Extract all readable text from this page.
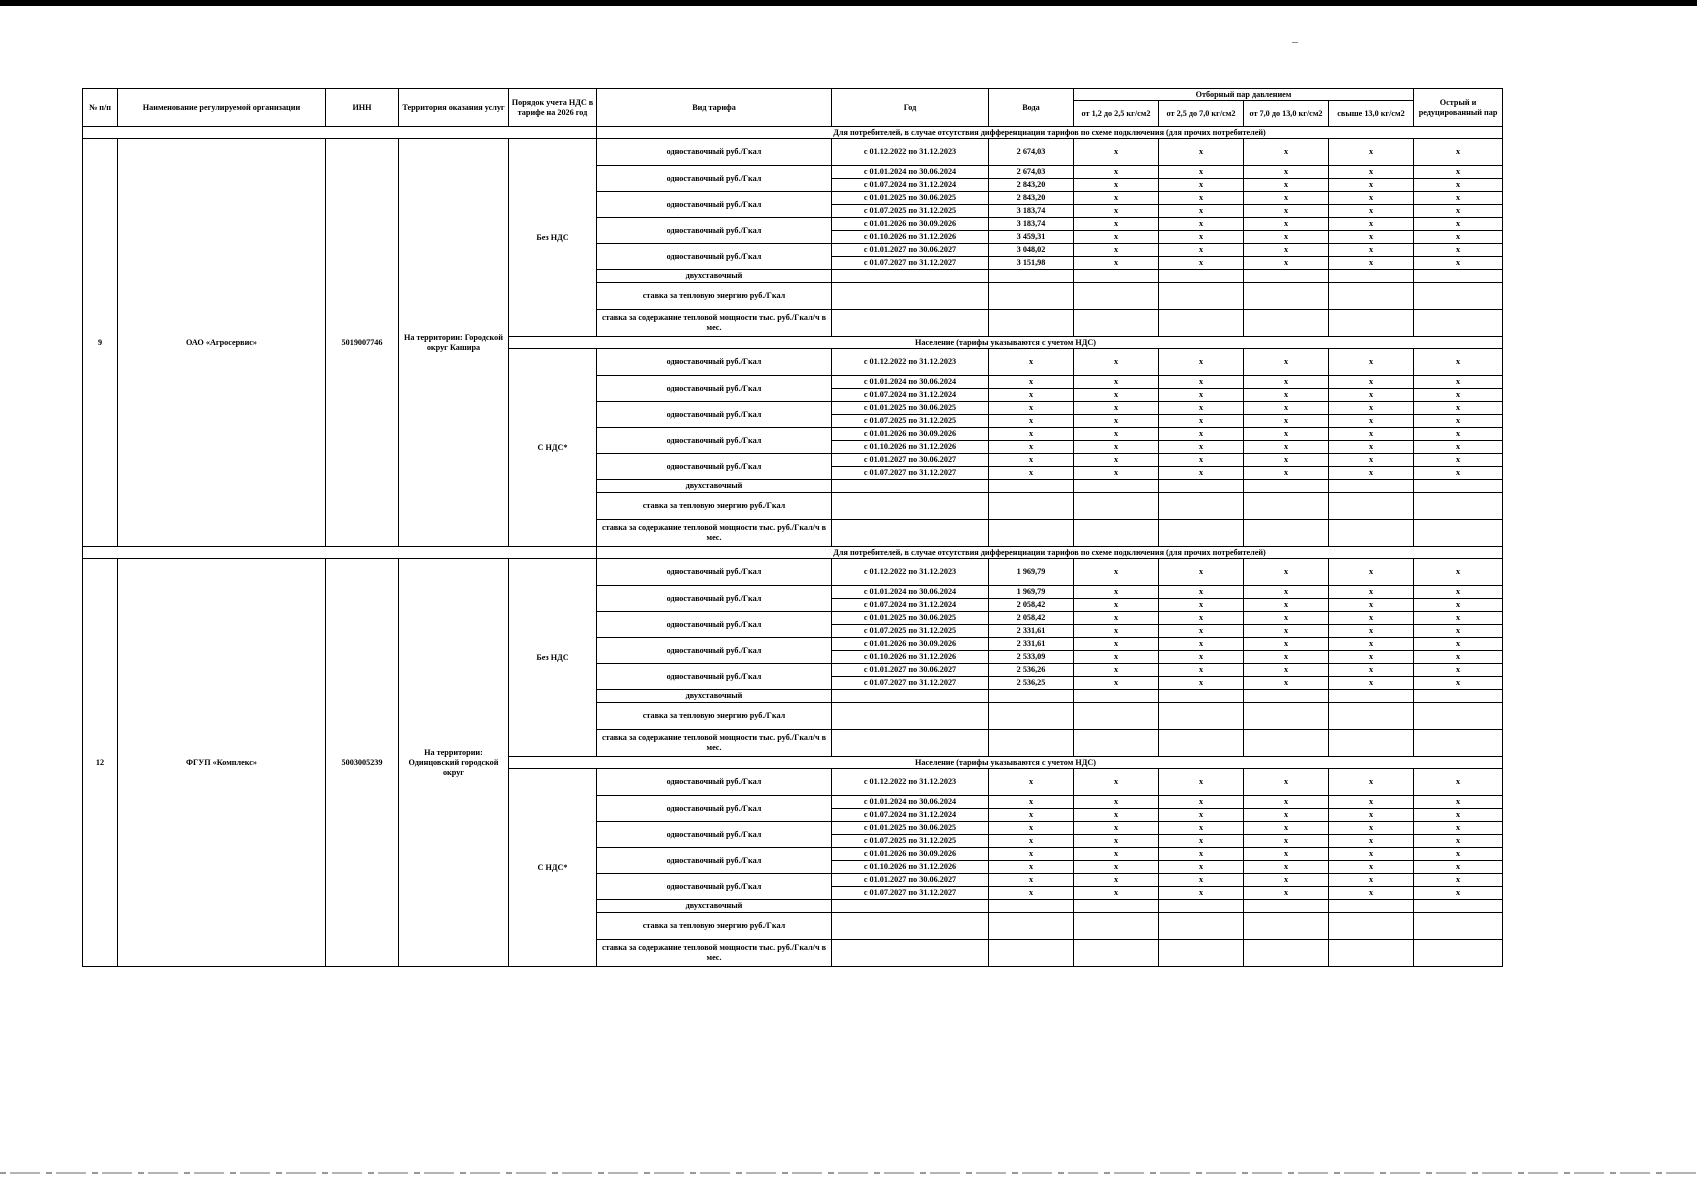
№ п/п	Наименование регулируемой организации	ИНН	Территория оказания услуг	Порядок учета НДС в тарифе на 2026 год	Вид тарифа	Год	Вода	Отборный пар давлением				Острый и редуцированный пар
								от 1,2 до 2,5 кг/см2	от 2,5 до 7,0 кг/см2	от 7,0 до 13,0 кг/см2	свыше 13,0 кг/см2	
					Для потребителей, в случае отсутствия дифференциации тарифов по схеме подключения (для прочих потребителей)							
9	ОАО «Агросервис»	5019007746	На территории: Городской округ Кашира	Без НДС	одноставочный руб./Гкал	с 01.12.2022 по 31.12.2023	2 674,03	x	x	x	x	x
					одноставочный руб./Гкал	с 01.01.2024 по 30.06.2024	2 674,03	x	x	x	x	x
						с 01.07.2024 по 31.12.2024	2 843,20	x	x	x	x	x
					одноставочный руб./Гкал	с 01.01.2025 по 30.06.2025	2 843,20	x	x	x	x	x
						с 01.07.2025 по 31.12.2025	3 183,74	x	x	x	x	x
					одноставочный руб./Гкал	с 01.01.2026 по 30.09.2026	3 183,74	x	x	x	x	x
						с 01.10.2026 по 31.12.2026	3 459,31	x	x	x	x	x
					одноставочный руб./Гкал	с 01.01.2027 по 30.06.2027	3 048,02	x	x	x	x	x
						с 01.07.2027 по 31.12.2027	3 151,98	x	x	x	x	x
					двухставочный							
					ставка за тепловую энергию руб./Гкал							
					ставка за содержание тепловой мощности тыс. руб./Гкал/ч в мес.							
				Население (тарифы указываются с учетом НДС)								
				С НДС*	одноставочный руб./Гкал	с 01.12.2022 по 31.12.2023	x	x	x	x	x	x
					одноставочный руб./Гкал	с 01.01.2024 по 30.06.2024	x	x	x	x	x	x
						с 01.07.2024 по 31.12.2024	x	x	x	x	x	x
					одноставочный руб./Гкал	с 01.01.2025 по 30.06.2025	x	x	x	x	x	x
						с 01.07.2025 по 31.12.2025	x	x	x	x	x	x
					одноставочный руб./Гкал	с 01.01.2026 по 30.09.2026	x	x	x	x	x	x
						с 01.10.2026 по 31.12.2026	x	x	x	x	x	x
					одноставочный руб./Гкал	с 01.01.2027 по 30.06.2027	x	x	x	x	x	x
						с 01.07.2027 по 31.12.2027	x	x	x	x	x	x
					двухставочный							
					ставка за тепловую энергию руб./Гкал							
					ставка за содержание тепловой мощности тыс. руб./Гкал/ч в мес.							
					Для потребителей, в случае отсутствия дифференциации тарифов по схеме подключения (для прочих потребителей)							
12	ФГУП «Комплекс»	5003005239	На территории: Одинцовский городской округ	Без НДС	одноставочный руб./Гкал	с 01.12.2022 по 31.12.2023	1 969,79	x	x	x	x	x
					одноставочный руб./Гкал	с 01.01.2024 по 30.06.2024	1 969,79	x	x	x	x	x
						с 01.07.2024 по 31.12.2024	2 058,42	x	x	x	x	x
					одноставочный руб./Гкал	с 01.01.2025 по 30.06.2025	2 058,42	x	x	x	x	x
						с 01.07.2025 по 31.12.2025	2 331,61	x	x	x	x	x
					одноставочный руб./Гкал	с 01.01.2026 по 30.09.2026	2 331,61	x	x	x	x	x
						с 01.10.2026 по 31.12.2026	2 533,09	x	x	x	x	x
					одноставочный руб./Гкал	с 01.01.2027 по 30.06.2027	2 536,26	x	x	x	x	x
						с 01.07.2027 по 31.12.2027	2 536,25	x	x	x	x	x
					двухставочный							
					ставка за тепловую энергию руб./Гкал							
					ставка за содержание тепловой мощности тыс. руб./Гкал/ч в мес.							
				Население (тарифы указываются с учетом НДС)								
				С НДС*	одноставочный руб./Гкал	с 01.12.2022 по 31.12.2023	x	x	x	x	x	x
					одноставочный руб./Гкал	с 01.01.2024 по 30.06.2024	x	x	x	x	x	x
						с 01.07.2024 по 31.12.2024	x	x	x	x	x	x
					одноставочный руб./Гкал	с 01.01.2025 по 30.06.2025	x	x	x	x	x	x
						с 01.07.2025 по 31.12.2025	x	x	x	x	x	x
					одноставочный руб./Гкал	с 01.01.2026 по 30.09.2026	x	x	x	x	x	x
						с 01.10.2026 по 31.12.2026	x	x	x	x	x	x
					одноставочный руб./Гкал	с 01.01.2027 по 30.06.2027	x	x	x	x	x	x
						с 01.07.2027 по 31.12.2027	x	x	x	x	x	x
					двухставочный							
					ставка за тепловую энергию руб./Гкал							
					ставка за содержание тепловой мощности тыс. руб./Гкал/ч в мес.							
